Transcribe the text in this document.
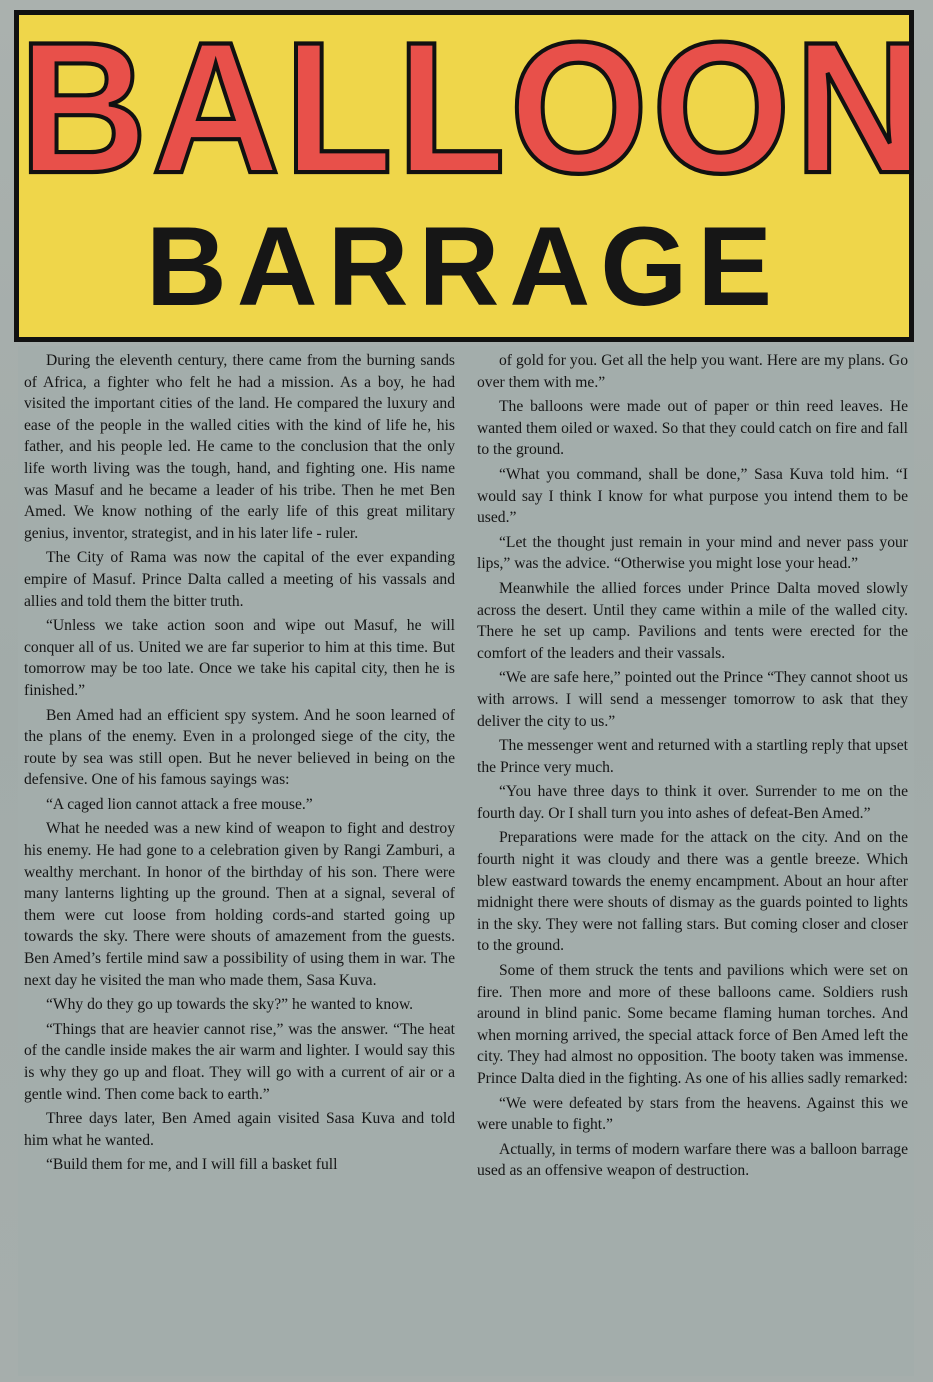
BALLOON
BARRAGE

During the eleventh century, there came from the burning sands of Africa, a fighter who felt he had a mission. As a boy, he had visited the important cities of the land. He compared the luxury and ease of the people in the walled cities with the kind of life he, his father, and his people led. He came to the conclusion that the only life worth living was the tough, hand, and fighting one. His name was Masuf and he became a leader of his tribe. Then he met Ben Amed. We know nothing of the early life of this great military genius, inventor, strategist, and in his later life - ruler.

The City of Rama was now the capital of the ever expanding empire of Masuf. Prince Dalta called a meeting of his vassals and allies and told them the bitter truth.

“Unless we take action soon and wipe out Masuf, he will conquer all of us. United we are far superior to him at this time. But tomorrow may be too late. Once we take his capital city, then he is finished.”

Ben Amed had an efficient spy system. And he soon learned of the plans of the enemy. Even in a prolonged siege of the city, the route by sea was still open. But he never believed in being on the defensive. One of his famous sayings was:

“A caged lion cannot attack a free mouse.”

What he needed was a new kind of weapon to fight and destroy his enemy. He had gone to a celebration given by Rangi Zamburi, a wealthy merchant. In honor of the birthday of his son. There were many lanterns lighting up the ground. Then at a signal, several of them were cut loose from holding cords-and started going up towards the sky. There were shouts of amazement from the guests. Ben Amed’s fertile mind saw a possibility of using them in war. The next day he visited the man who made them, Sasa Kuva.

“Why do they go up towards the sky?” he wanted to know.

“Things that are heavier cannot rise,” was the answer. “The heat of the candle inside makes the air warm and lighter. I would say this is why they go up and float. They will go with a current of air or a gentle wind. Then come back to earth.”

Three days later, Ben Amed again visited Sasa Kuva and told him what he wanted.

“Build them for me, and I will fill a basket full

of gold for you. Get all the help you want. Here are my plans. Go over them with me.”

The balloons were made out of paper or thin reed leaves. He wanted them oiled or waxed. So that they could catch on fire and fall to the ground.

“What you command, shall be done,” Sasa Kuva told him. “I would say I think I know for what purpose you intend them to be used.”

“Let the thought just remain in your mind and never pass your lips,” was the advice. “Otherwise you might lose your head.”

Meanwhile the allied forces under Prince Dalta moved slowly across the desert. Until they came within a mile of the walled city. There he set up camp. Pavilions and tents were erected for the comfort of the leaders and their vassals.

“We are safe here,” pointed out the Prince “They cannot shoot us with arrows. I will send a messenger tomorrow to ask that they deliver the city to us.”

The messenger went and returned with a startling reply that upset the Prince very much.

“You have three days to think it over. Surrender to me on the fourth day. Or I shall turn you into ashes of defeat-Ben Amed.”

Preparations were made for the attack on the city. And on the fourth night it was cloudy and there was a gentle breeze. Which blew eastward towards the enemy encampment. About an hour after midnight there were shouts of dismay as the guards pointed to lights in the sky. They were not falling stars. But coming closer and closer to the ground.

Some of them struck the tents and pavilions which were set on fire. Then more and more of these balloons came. Soldiers rush around in blind panic. Some became flaming human torches. And when morning arrived, the special attack force of Ben Amed left the city. They had almost no opposition. The booty taken was immense. Prince Dalta died in the fighting. As one of his allies sadly remarked:

“We were defeated by stars from the heavens. Against this we were unable to fight.”

Actually, in terms of modern warfare there was a balloon barrage used as an offensive weapon of destruction.
